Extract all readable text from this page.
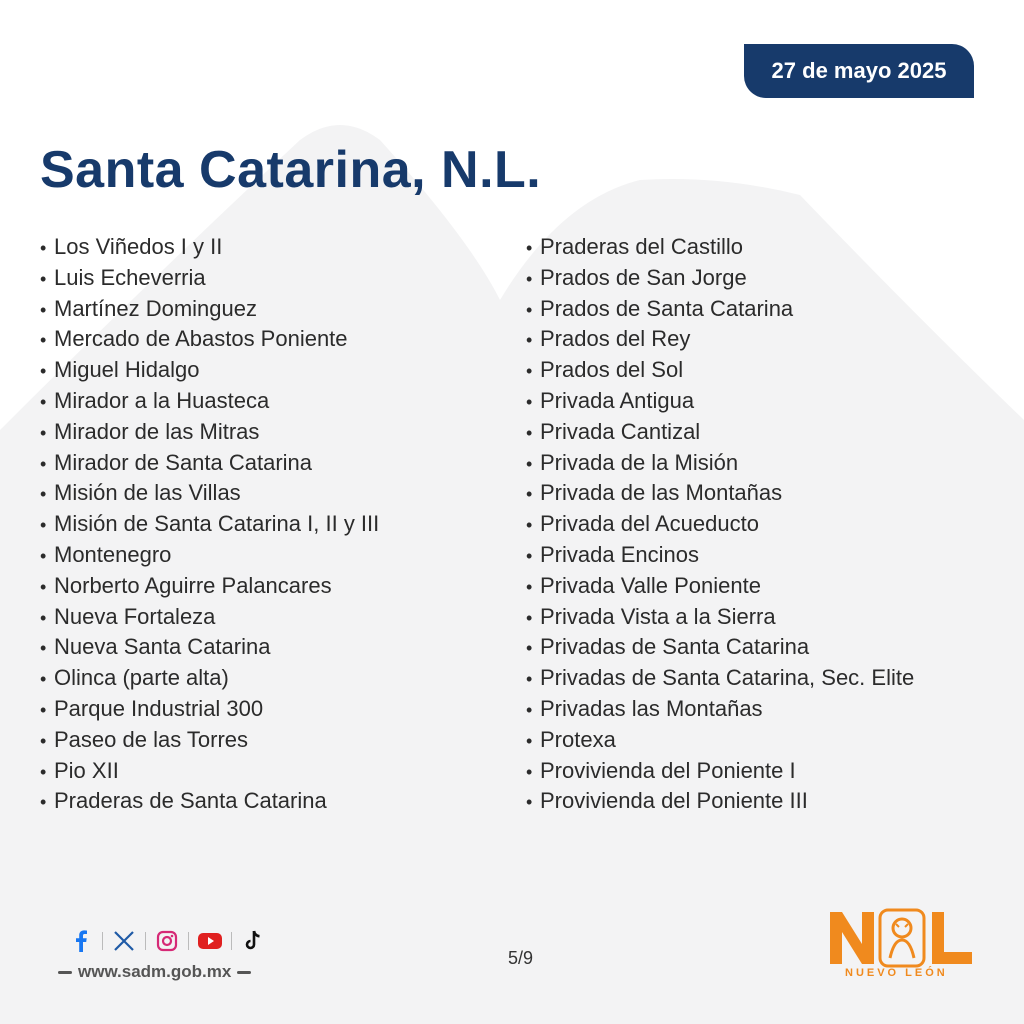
27 de mayo 2025
Santa Catarina, N.L.
• Los Viñedos I y II
• Luis Echeverria
• Martínez Dominguez
• Mercado de Abastos Poniente
• Miguel Hidalgo
• Mirador a la Huasteca
• Mirador de las Mitras
• Mirador de Santa Catarina
• Misión de las Villas
• Misión de Santa Catarina I, II y III
• Montenegro
• Norberto Aguirre Palancares
• Nueva Fortaleza
• Nueva Santa Catarina
• Olinca (parte alta)
• Parque Industrial 300
• Paseo de las Torres
• Pio XII
• Praderas de Santa Catarina
• Praderas del Castillo
• Prados de San Jorge
• Prados de Santa Catarina
• Prados del Rey
• Prados del Sol
• Privada Antigua
• Privada Cantizal
• Privada de la Misión
• Privada de las Montañas
• Privada del Acueducto
• Privada Encinos
• Privada Valle Poniente
• Privada Vista a la Sierra
• Privadas de Santa Catarina
• Privadas de Santa Catarina, Sec. Elite
• Privadas las Montañas
• Protexa
• Provivienda del Poniente I
• Provivienda del Poniente III
www.sadm.gob.mx
5/9
NUEVO LEÓN
